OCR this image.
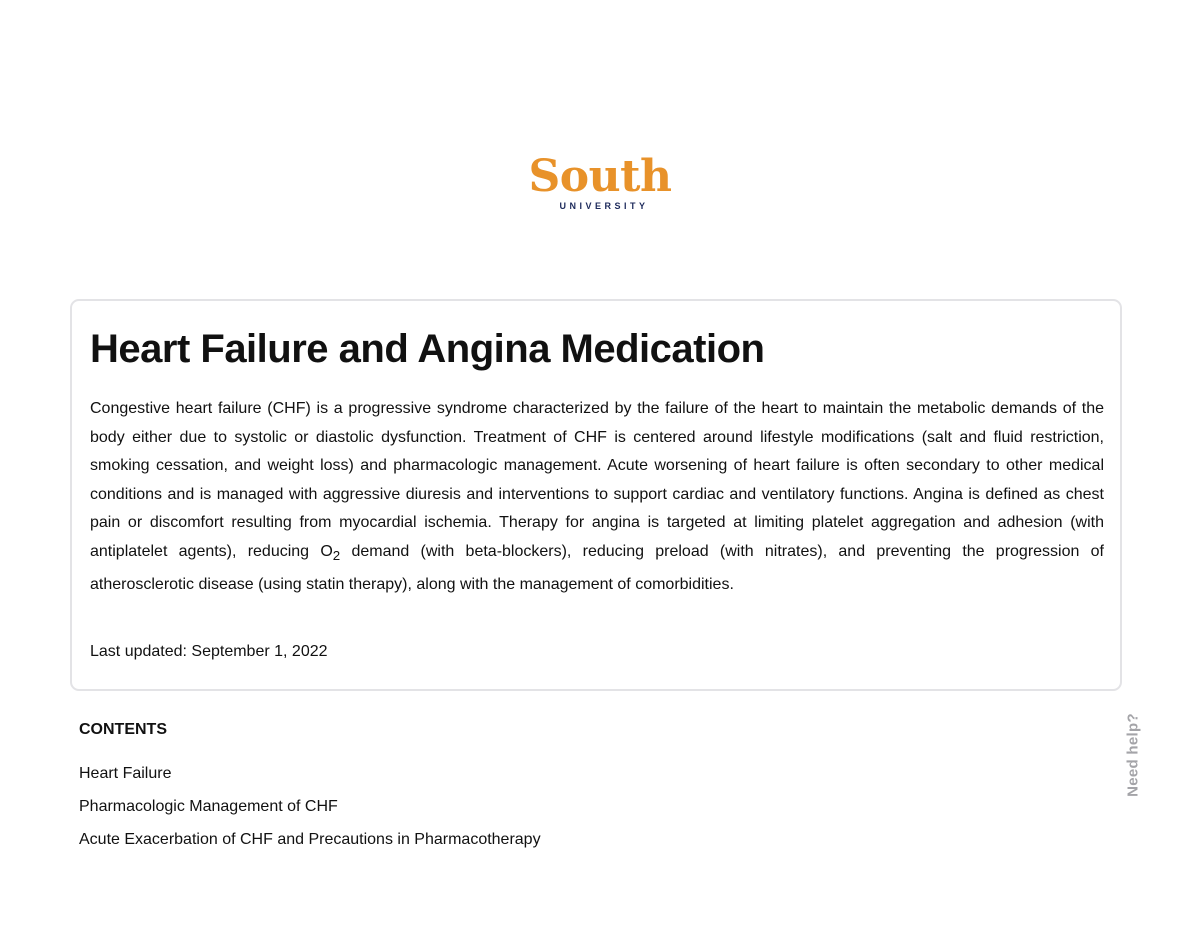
South
UNIVERSITY
Heart Failure and Angina Medication

Congestive heart failure (CHF) is a progressive syndrome characterized by the failure of the heart to maintain the metabolic demands of the body either due to systolic or diastolic dysfunction. Treatment of CHF is centered around lifestyle modifications (salt and fluid restriction, smoking cessation, and weight loss) and pharmacologic management. Acute worsening of heart failure is often secondary to other medical conditions and is managed with aggressive diuresis and interventions to support cardiac and ventilatory functions. Angina is defined as chest pain or discomfort resulting from myocardial ischemia. Therapy for angina is targeted at limiting platelet aggregation and adhesion (with antiplatelet agents), reducing $O_2$ demand (with beta-blockers), reducing preload (with nitrates), and preventing the progression of atherosclerotic disease (using statin therapy), along with the management of comorbidities.

Last updated: September 1, 2022
CONTENTS
Heart Failure
Pharmacologic Management of CHF
Acute Exacerbation of CHF and Precautions in Pharmacotherapy
Need help?
